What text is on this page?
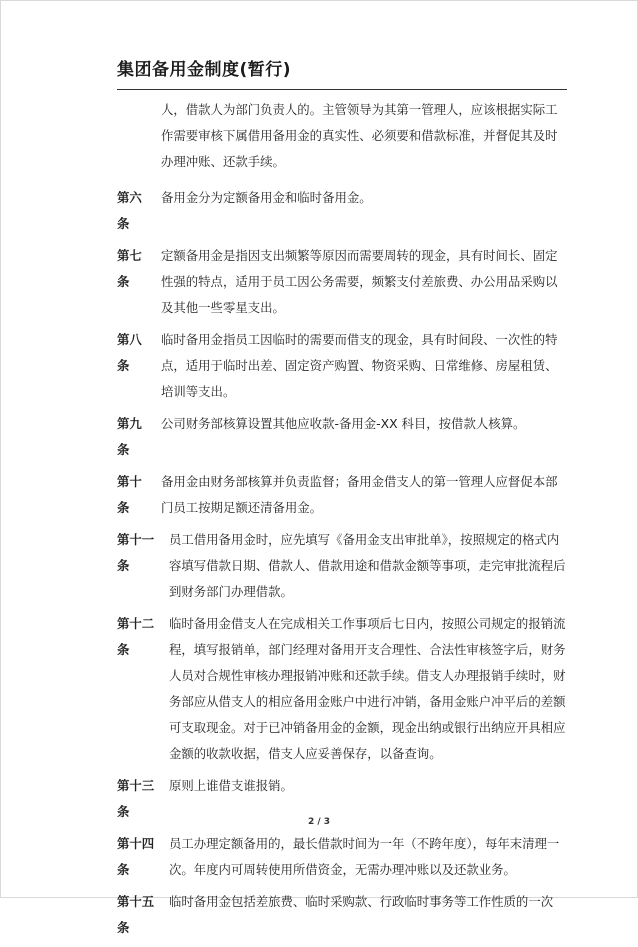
集团备用金制度(暂行)
人，借款人为部门负责人的。主管领导为其第一管理人，应该根据实际工作需要审核下属借用备用金的真实性、必须要和借款标准，并督促其及时办理冲账、还款手续。
第六条
备用金分为定额备用金和临时备用金。
第七条
定额备用金是指因支出频繁等原因而需要周转的现金，具有时间长、固定性强的特点，适用于员工因公务需要，频繁支付差旅费、办公用品采购以及其他一些零星支出。
第八条
临时备用金指员工因临时的需要而借支的现金，具有时间段、一次性的特点，适用于临时出差、固定资产购置、物资采购、日常维修、房屋租赁、培训等支出。
第九条
公司财务部核算设置其他应收款-备用金-XX 科目，按借款人核算。
第十条
备用金由财务部核算并负责监督；备用金借支人的第一管理人应督促本部门员工按期足额还清备用金。
第十一条
员工借用备用金时，应先填写《备用金支出审批单》，按照规定的格式内容填写借款日期、借款人、借款用途和借款金额等事项，走完审批流程后到财务部门办理借款。
第十二条
临时备用金借支人在完成相关工作事项后七日内，按照公司规定的报销流程，填写报销单，部门经理对备用开支合理性、合法性审核签字后，财务人员对合规性审核办理报销冲账和还款手续。借支人办理报销手续时，财务部应从借支人的相应备用金账户中进行冲销，备用金账户冲平后的差额可支取现金。对于已冲销备用金的金额，现金出纳或银行出纳应开具相应金额的收款收据，借支人应妥善保存，以备查询。
第十三条
原则上谁借支谁报销。
第十四条
员工办理定额备用的，最长借款时间为一年（不跨年度），每年末清理一次。年度内可周转使用所借资金，无需办理冲账以及还款业务。
第十五条
临时备用金包括差旅费、临时采购款、行政临时事务等工作性质的一次
2 / 3
